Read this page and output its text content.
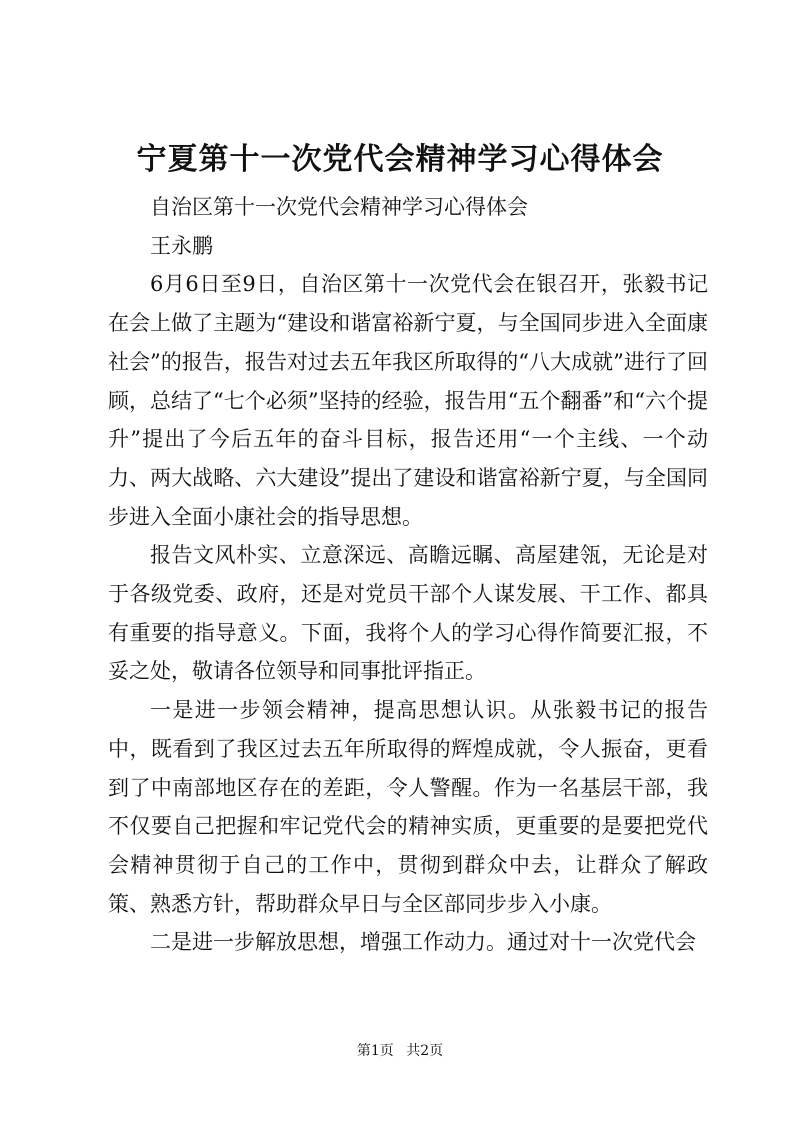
宁夏第十一次党代会精神学习心得体会

自治区第十一次党代会精神学习心得体会

王永鹏

6月6日至9日，自治区第十一次党代会在银召开，张毅书记在会上做了主题为“建设和谐富裕新宁夏，与全国同步进入全面康社会”的报告，报告对过去五年我区所取得的“八大成就”进行了回顾，总结了“七个必须”坚持的经验，报告用“五个翻番”和“六个提升”提出了今后五年的奋斗目标，报告还用“一个主线、一个动力、两大战略、六大建设”提出了建设和谐富裕新宁夏，与全国同步进入全面小康社会的指导思想。

报告文风朴实、立意深远、高瞻远瞩、高屋建瓴，无论是对于各级党委、政府，还是对党员干部个人谋发展、干工作、都具有重要的指导意义。下面，我将个人的学习心得作简要汇报，不妥之处，敬请各位领导和同事批评指正。

一是进一步领会精神，提高思想认识。从张毅书记的报告中，既看到了我区过去五年所取得的辉煌成就，令人振奋，更看到了中南部地区存在的差距，令人警醒。作为一名基层干部，我不仅要自己把握和牢记党代会的精神实质，更重要的是要把党代会精神贯彻于自己的工作中，贯彻到群众中去，让群众了解政策、熟悉方针，帮助群众早日与全区部同步步入小康。

二是进一步解放思想，增强工作动力。通过对十一次党代会

第1页 共2页
